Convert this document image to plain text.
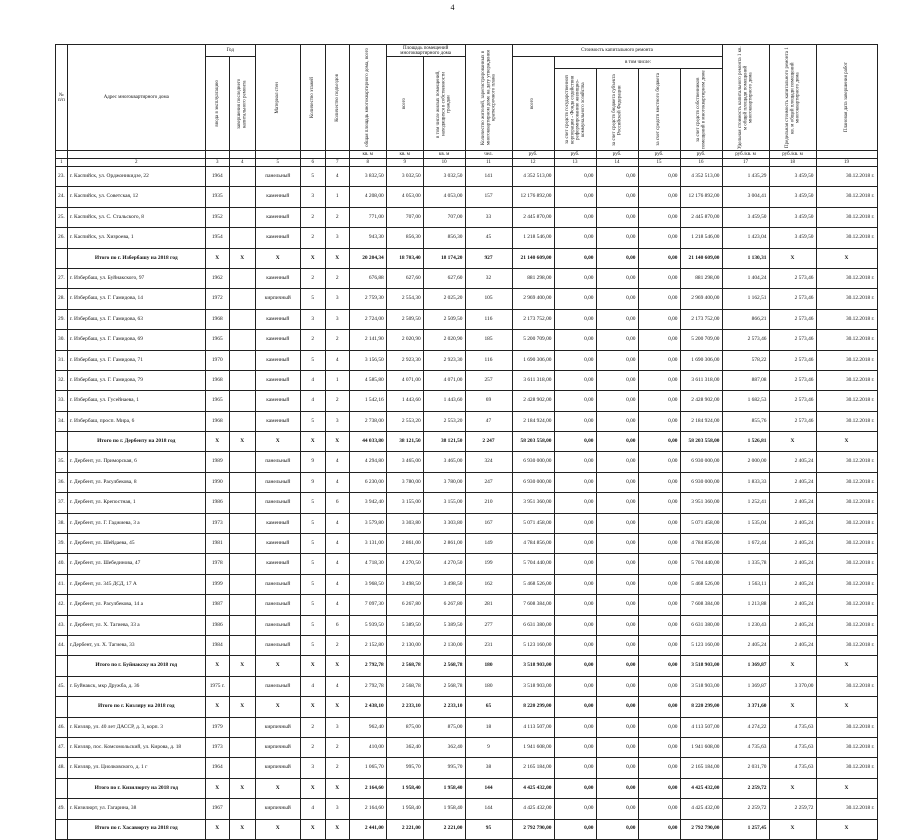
4
№ п/п	Адрес многоквартирного дома	Год		Материал стен	Количество этажей	Количество подъездов	общая площадь многоквартирного дома, всего	Площадь помещений многоквартирного дома		Количество жителей, зарегистрированных в многоквартирном доме на дату утверждения краткосрочного плана	Стоимость капитального ремонта					Удельная стоимость капитального ремонта 1 кв. м общей площади помещений многоквартирного дома	Предельная стоимость капитального ремонта 1 кв. м общей площади помещений многоквартирного дома	Плановая дата завершения работ

		ввода в эксплуатацию	завершения последнего капитального ремонта					всего	в том числе жилых помещений, находящихся в собственности граждан		всего	в том числе:						

												за счет средств государственной корпорации - Фонда содействия реформированию жилищно-коммунального хозяйства	за счет средств бюджета субъекта Российской Федерации	за счет средств местного бюджета	за счет средств собственников помещений в многоквартирном доме			

							кв. м	кв. м	кв. м	чел.	руб.	руб.	руб.	руб.	руб.	руб./кв. м	руб./кв. м	
1	2	3	4	5	6	7	8	9	10	11	12	13	14	15	16	17	18	19
23.	г. Каспийск, ул. Орджоникидзе, 22	1964		панельный	5	4	3 832,50	3 032,50	3 032,50	141	4 352 513,00	0,00	0,00	0,00	4 352 513,00	1 435,29	3 459,50	30.12.2018 г.
24.	г. Каспийск, ул. Советская, 12	1935		каменный	3	1	4 208,00	4 053,00	4 053,00	157	12 176 892,00	0,00	0,00	0,00	12 176 892,00	3 004,41	3 459,50	30.12.2018 г.
25.	г. Каспийск, ул. С. Стальского, 8	1952		каменный	2	2	771,00	707,00	707,00	33	2 445 870,00	0,00	0,00	0,00	2 445 870,00	3 459,50	3 459,50	30.12.2018 г.
26.	г. Каспийск, ул. Хизроева, 1	1954		каменный	2	3	943,30	856,30	856,30	45	1 218 546,00	0,00	0,00	0,00	1 218 546,00	1 423,04	3 459,50	30.12.2018 г.
	Итого по г. Избербашу на 2018 год	X	X	X	X	X	20 204,34	18 703,40	18 174,20	927	21 140 609,00	0,00	0,00	0,00	21 140 609,00	1 130,31	X	X
27.	г. Избербаш, ул. Буйнакского, 97	1962		каменный	2	2	676,88	627,60	627,60	32	881 298,00	0,00	0,00	0,00	881 298,00	1 404,24	2 573,46	30.12.2018 г.
28.	г. Избербаш, ул. Г. Гамидова, 14	1972		кирпичный	5	3	2 759,30	2 554,30	2 025,20	105	2 969 400,00	0,00	0,00	0,00	2 969 400,00	1 162,51	2 573,46	30.12.2018 г.
29.	г. Избербаш, ул. Г. Гамидова, 63	1968		каменный	3	3	2 724,00	2 509,50	2 509,50	116	2 173 752,00	0,00	0,00	0,00	2 173 752,00	866,21	2 573,46	30.12.2018 г.
30.	г. Избербаш, ул. Г. Гамидова, 69	1965		каменный	2	2	2 141,90	2 020,90	2 020,90	185	5 200 709,00	0,00	0,00	0,00	5 200 709,00	2 573,46	2 573,46	30.12.2018 г.
31.	г. Избербаш, ул. Г. Гамидова, 71	1970		каменный	5	4	3 156,50	2 923,30	2 923,30	116	1 690 306,00	0,00	0,00	0,00	1 690 306,00	578,22	2 573,46	30.12.2018 г.
32.	г. Избербаш, ул. Г. Гамидова, 79	1968		каменный	4	1	4 585,80	4 071,00	4 071,00	257	3 611 318,00	0,00	0,00	0,00	3 611 318,00	887,08	2 573,46	30.12.2018 г.
33.	г. Избербаш, ул. Гусейнаева, 1	1965		каменный	4	2	1 542,16	1 443,60	1 443,60	69	2 428 902,00	0,00	0,00	0,00	2 428 902,00	1 682,53	2 573,46	30.12.2018 г.
34.	г. Избербаш, просп. Мира, 6	1968		каменный	5	3	2 738,00	2 553,20	2 553,20	47	2 184 924,00	0,00	0,00	0,00	2 184 924,00	855,76	2 573,46	30.12.2018 г.
	Итого по г. Дербенту на 2018 год	X	X	X	X	X	44 033,80	38 121,50	38 121,50	2 247	58 203 558,00	0,00	0,00	0,00	58 203 558,00	1 526,81	X	X
35.	г. Дербент, ул. Приморская, 6	1989		панельный	9	4	4 294,80	3 465,00	3 465,00	324	6 930 000,00	0,00	0,00	0,00	6 930 000,00	2 000,00	2 405,24	30.12.2018 г.
36.	г. Дербент, ул. Расулбекова, 8	1990		панельный	9	4	6 230,00	3 780,00	3 780,00	247	6 930 000,00	0,00	0,00	0,00	6 930 000,00	1 833,33	2 405,24	30.12.2018 г.
37.	г. Дербент, ул. Крепостная, 1	1986		панельный	5	6	3 942,40	3 155,00	3 155,00	210	3 951 360,00	0,00	0,00	0,00	3 951 360,00	1 252,41	2 405,24	30.12.2018 г.
38.	г. Дербент, ул. Г. Гаджиева, 3 а	1973		каменный	5	4	3 579,80	3 303,80	3 303,80	167	5 071 458,00	0,00	0,00	0,00	5 071 458,00	1 535,04	2 405,24	30.12.2018 г.
39.	г. Дербент, ул. Шейдаева, 45	1981		каменный	5	4	3 131,00	2 861,00	2 861,00	149	4 784 856,00	0,00	0,00	0,00	4 784 856,00	1 672,44	2 405,24	30.12.2018 г.
40.	г. Дербент, ул. Шебединова, 47	1978		каменный	5	4	4 718,30	4 270,50	4 270,50	199	5 704 440,00	0,00	0,00	0,00	5 704 440,00	1 335,78	2 405,24	30.12.2018 г.
41.	г. Дербент, ул. 345 ДСД, 17 А	1999		панельный	5	4	3 968,50	3 498,50	3 498,50	162	5 468 526,00	0,00	0,00	0,00	5 468 526,00	1 563,11	2 405,24	30.12.2018 г.
42.	г. Дербент, ул. Расулбекова, 14 а	1987		панельный	5	4	7 097,30	6 267,80	6 267,80	281	7 608 384,00	0,00	0,00	0,00	7 608 384,00	1 213,88	2 405,24	30.12.2018 г.
43.	г. Дербент, ул. Х. Тагиева, 33 а	1986		панельный	5	6	5 939,50	5 389,50	5 389,50	277	6 631 380,00	0,00	0,00	0,00	6 631 380,00	1 230,43	2 405,24	30.12.2018 г.
44.	г.Дербент, ул. Х. Тагиева, 33	1984		панельный	5	2	2 152,80	2 130,00	2 130,00	231	5 123 160,00	0,00	0,00	0,00	5 123 160,00	2 405,24	2 405,24	30.12.2018 г.
	Итого по г. Буйнакску на 2018 год	X	X	X	X	X	2 792,78	2 568,78	2 568,78	180	3 518 903,00	0,00	0,00	0,00	3 518 903,00	1 369,87	X	X
45.	г. Буйнакск, мкр Дружба, д. 36	1975 г.		панельный	4	4	2 792,78	2 568,78	2 568,78	180	3 518 903,00	0,00	0,00	0,00	3 518 903,00	1 369,87	3 370,00	30.12.2018 г.
	Итого по г. Кизляру на 2018 год	X	X	X	X	X	2 438,10	2 233,10	2 233,10	65	8 220 299,00	0,00	0,00	0,00	8 220 299,00	3 371,60	X	X
46.	г. Кизляр, ул. 40 лет ДАССР, д. 3, корп. 3	1979		кирпичный	2	3	962,40	875,00	875,00	18	4 113 507,00	0,00	0,00	0,00	4 113 507,00	4 274,22	4 735,63	30.12.2018 г.
47.	г. Кизляр, пос. Комсомольский, ул. Кирова, д. 18	1973		кирпичный	2	2	410,00	362,40	362,40	9	1 941 608,00	0,00	0,00	0,00	1 941 608,00	4 735,63	4 735,63	30.12.2018 г.
48.	г. Кизляр, ул. Циолковского, д. 1 г	1964		кирпичный	3	2	1 065,70	995,70	995,70	38	2 165 184,00	0,00	0,00	0,00	2 165 184,00	2 031,70	4 735,63	30.12.2018 г.
	Итого по г. Кизилюрту на 2018 год	X	X	X	X	X	2 164,60	1 958,40	1 958,40	144	4 425 432,00	0,00	0,00	0,00	4 425 432,00	2 259,72	X	X
49.	г. Кизилюрт, ул. Гагарина, 38	1967		кирпичный	4	3	2 164,60	1 958,40	1 958,40	144	4 425 432,00	0,00	0,00	0,00	4 425 432,00	2 259,72	2 259,72	30.12.2018 г.
	Итого по г. Хасавюрту на 2018 год	X	X	X	X	X	2 441,00	2 221,00	2 221,00	95	2 792 790,00	0,00	0,00	0,00	2 792 790,00	1 257,45	X	X
